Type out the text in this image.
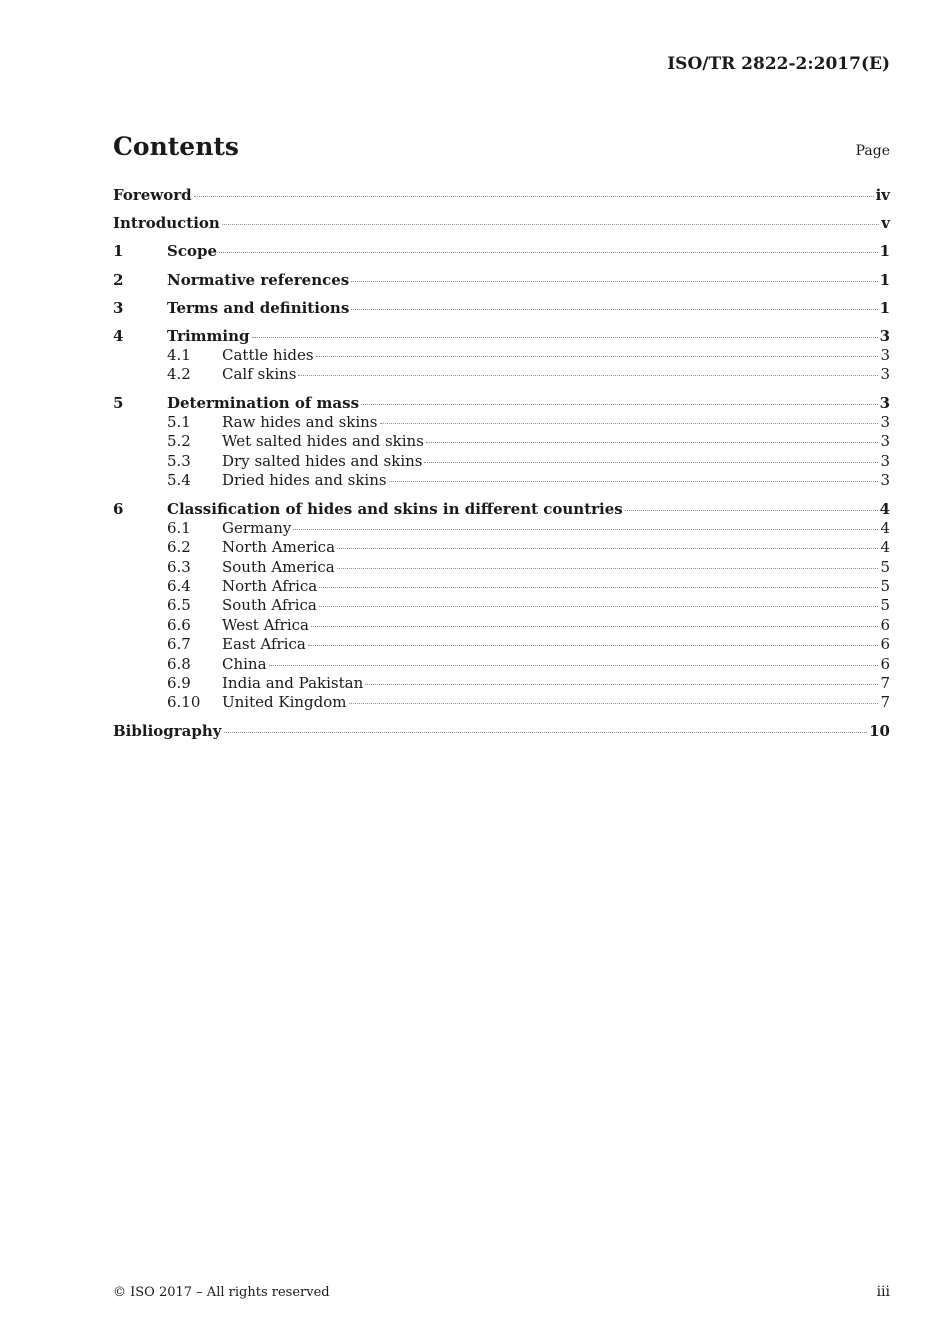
ISO/TR 2822-2:2017(E)
Contents	Page
Foreword	iv
Introduction	v
1	Scope	1
2	Normative references	1
3	Terms and definitions	1
4	Trimming	3
4.1	Cattle hides	3
4.2	Calf skins	3
5	Determination of mass	3
5.1	Raw hides and skins	3
5.2	Wet salted hides and skins	3
5.3	Dry salted hides and skins	3
5.4	Dried hides and skins	3
6	Classification of hides and skins in different countries	4
6.1	Germany	4
6.2	North America	4
6.3	South America	5
6.4	North Africa	5
6.5	South Africa	5
6.6	West Africa	6
6.7	East Africa	6
6.8	China	6
6.9	India and Pakistan	7
6.10	United Kingdom	7
Bibliography	10
© ISO 2017 – All rights reserved	iii
